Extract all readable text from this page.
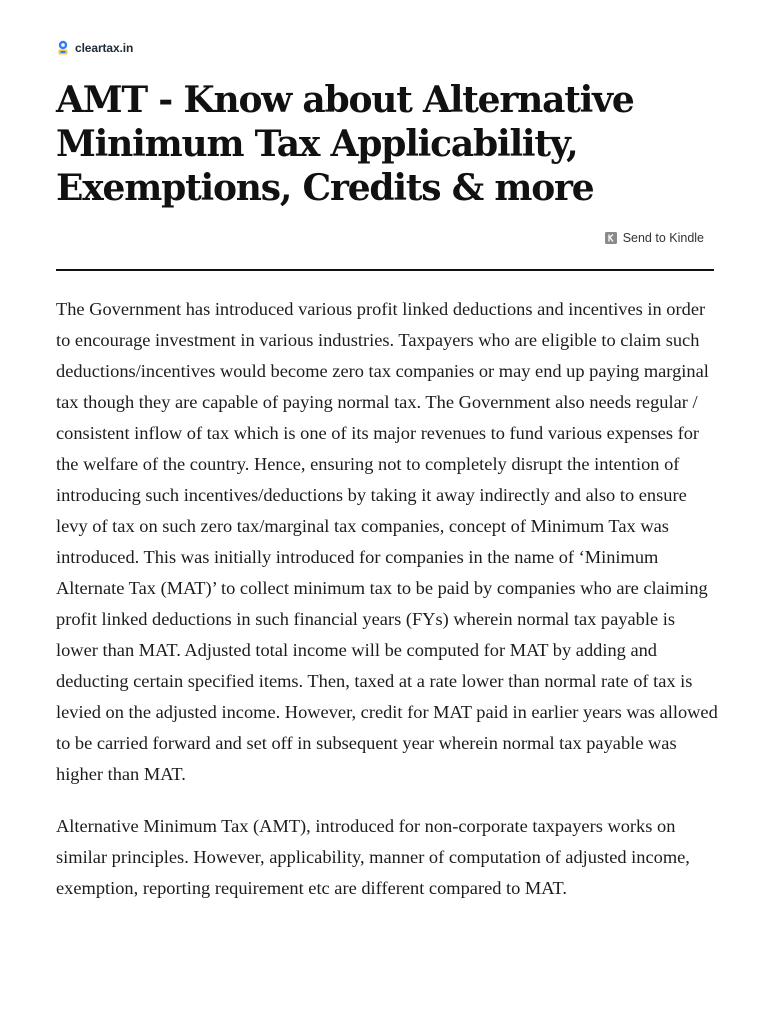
cleartax.in
AMT - Know about Alternative Minimum Tax Applicability, Exemptions, Credits & more
Send to Kindle

The Government has introduced various profit linked deductions and incentives in order to encourage investment in various industries. Taxpayers who are eligible to claim such deductions/incentives would become zero tax companies or may end up paying marginal tax though they are capable of paying normal tax. The Government also needs regular / consistent inflow of tax which is one of its major revenues to fund various expenses for the welfare of the country. Hence, ensuring not to completely disrupt the intention of introducing such incentives/deductions by taking it away indirectly and also to ensure levy of tax on such zero tax/marginal tax companies, concept of Minimum Tax was introduced. This was initially introduced for companies in the name of ‘Minimum Alternate Tax (MAT)’ to collect minimum tax to be paid by companies who are claiming profit linked deductions in such financial years (FYs) wherein normal tax payable is lower than MAT. Adjusted total income will be computed for MAT by adding and deducting certain specified items. Then, taxed at a rate lower than normal rate of tax is levied on the adjusted income. However, credit for MAT paid in earlier years was allowed to be carried forward and set off in subsequent year wherein normal tax payable was higher than MAT.

Alternative Minimum Tax (AMT), introduced for non-corporate taxpayers works on similar principles. However, applicability, manner of computation of adjusted income, exemption, reporting requirement etc are different compared to MAT.
